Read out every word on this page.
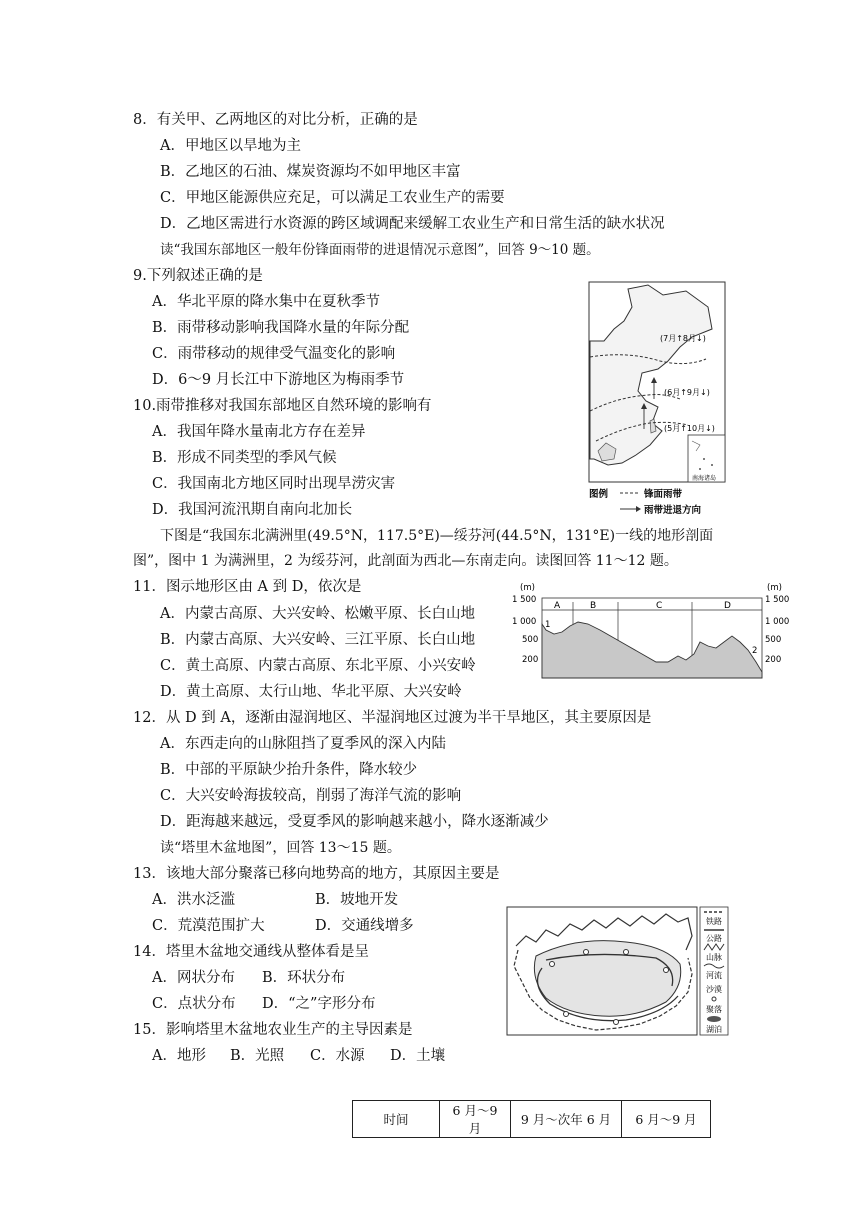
8．有关甲、乙两地区的对比分析，正确的是
A．甲地区以旱地为主
B．乙地区的石油、煤炭资源均不如甲地区丰富
C．甲地区能源供应充足，可以满足工农业生产的需要
D．乙地区需进行水资源的跨区域调配来缓解工农业生产和日常生活的缺水状况
读“我国东部地区一般年份锋面雨带的进退情况示意图”，回答 9～10 题。
9.下列叙述正确的是
A．华北平原的降水集中在夏秋季节
B．雨带移动影响我国降水量的年际分配
C．雨带移动的规律受气温变化的影响
D．6～9 月长江中下游地区为梅雨季节
10.雨带推移对我国东部地区自然环境的影响有
A．我国年降水量南北方存在差异
B．形成不同类型的季风气候
C．我国南北方地区同时出现旱涝灾害
D．我国河流汛期自南向北加长
(7月↑8月↓)
(6月↑9月↓)
(5月↑10月↓)
南海诸岛
图例	锋面雨带
雨带进退方向
下图是“我国东北满洲里(49.5°N，117.5°E)—绥芬河(44.5°N，131°E)一线的地形剖面
图”，图中 1 为满洲里，2 为绥芬河，此剖面为西北—东南走向。读图回答 11～12 题。
11．图示地形区由 A 到 D，依次是
A．内蒙古高原、大兴安岭、松嫩平原、长白山地
B．内蒙古高原、大兴安岭、三江平原、长白山地
C．黄土高原、内蒙古高原、东北平原、小兴安岭
D．黄土高原、太行山地、华北平原、大兴安岭
(m)	(m)
1 500
1 000
500
200
1 500
1 000
500
200
A	B	C	D
1
2
12．从 D 到 A，逐渐由湿润地区、半湿润地区过渡为半干旱地区，其主要原因是
A．东西走向的山脉阻挡了夏季风的深入内陆
B．中部的平原缺少抬升条件，降水较少
C．大兴安岭海拔较高，削弱了海洋气流的影响
D．距海越来越远，受夏季风的影响越来越小，降水逐渐减少
读“塔里木盆地图”，回答 13～15 题。
13．该地大部分聚落已移向地势高的地方，其原因主要是
A．洪水泛滥	B．坡地开发
C．荒漠范围扩大	D．交通线增多
14．塔里木盆地交通线从整体看是呈
A．网状分布 B．环状分布
C．点状分布 D．“之”字形分布
15．影响塔里木盆地农业生产的主导因素是
A．地形 B．光照 C．水源 D．土壤
铁路
公路
山脉
河流
沙漠
聚落
湖泊
时间	6 月～9 月	9 月～次年 6 月	6 月～9 月
